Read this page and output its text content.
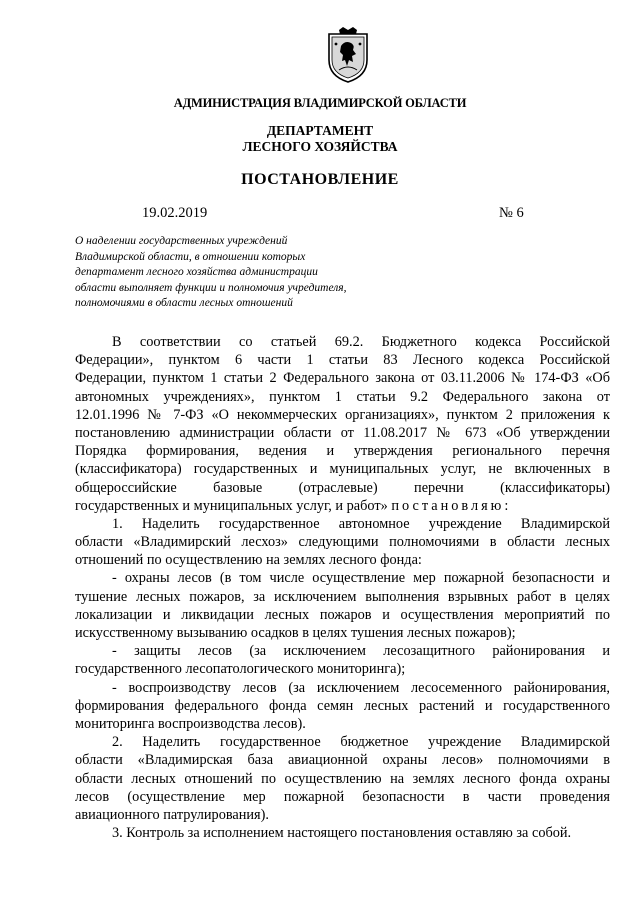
АДМИНИСТРАЦИЯ ВЛАДИМИРСКОЙ ОБЛАСТИ
ДЕПАРТАМЕНТ
ЛЕСНОГО ХОЗЯЙСТВА
ПОСТАНОВЛЕНИЕ
19.02.2019	№ 6
О наделении государственных учреждений
Владимирской области, в отношении которых
департамент лесного хозяйства администрации
области выполняет функции и полномочия учредителя,
полномочиями в области лесных отношений
В соответствии со статьей 69.2. Бюджетного кодекса Российской
Федерации», пунктом 6 части 1 статьи 83 Лесного кодекса Российской
Федерации, пунктом 1 статьи 2 Федерального закона от 03.11.2006 № 174-ФЗ «Об
автономных учреждениях», пунктом 1 статьи 9.2 Федерального закона от
12.01.1996 № 7-ФЗ «О некоммерческих организациях», пунктом 2 приложения к
постановлению администрации области от 11.08.2017 № 673 «Об утверждении
Порядка формирования, ведения и утверждения регионального перечня
(классификатора) государственных и муниципальных услуг, не включенных в
общероссийские базовые (отраслевые) перечни (классификаторы)
государственных и муниципальных услуг, и работ» постановляю:
1. Наделить государственное автономное учреждение Владимирской
области «Владимирский лесхоз» следующими полномочиями в области лесных
отношений по осуществлению на землях лесного фонда:
- охраны лесов (в том числе осуществление мер пожарной безопасности и
тушение лесных пожаров, за исключением выполнения взрывных работ в целях
локализации и ликвидации лесных пожаров и осуществления мероприятий по
искусственному вызыванию осадков в целях тушения лесных пожаров);
- защиты лесов (за исключением лесозащитного районирования и
государственного лесопатологического мониторинга);
- воспроизводству лесов (за исключением лесосеменного районирования,
формирования федерального фонда семян лесных растений и государственного
мониторинга воспроизводства лесов).
2. Наделить государственное бюджетное учреждение Владимирской
области «Владимирская база авиационной охраны лесов» полномочиями в
области лесных отношений по осуществлению на землях лесного фонда охраны
лесов (осуществление мер пожарной безопасности в части проведения
авиационного патрулирования).
3. Контроль за исполнением настоящего постановления оставляю за собой.
